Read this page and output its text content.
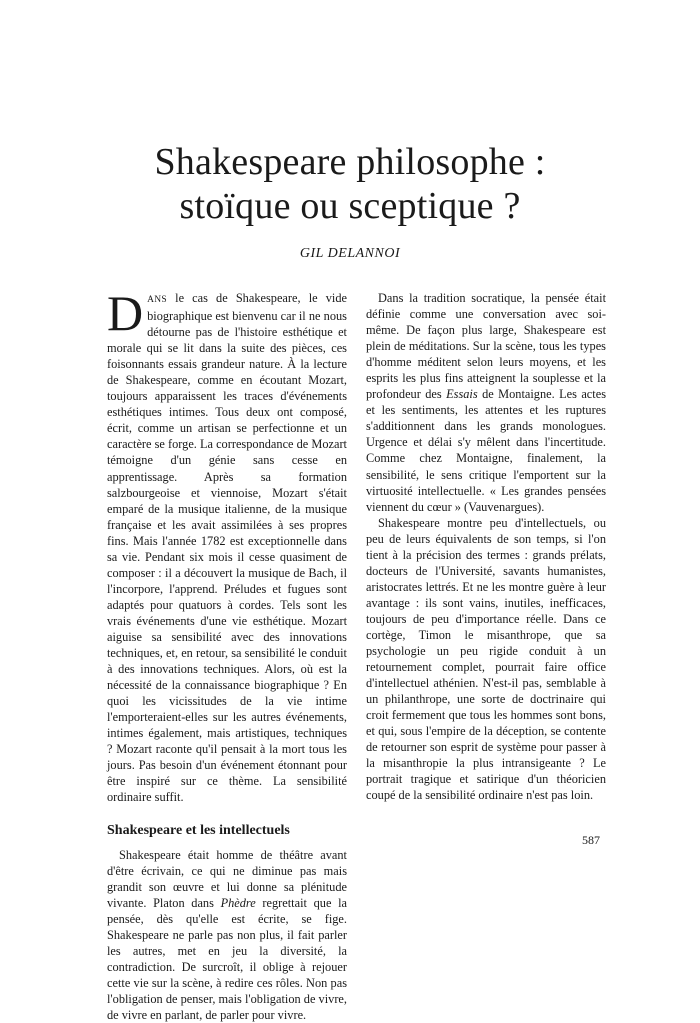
Shakespeare philosophe :
stoïque ou sceptique ?
GIL DELANNOI

DANS le cas de Shakespeare, le vide biographique est bienvenu car il ne nous détourne pas de l'histoire esthétique et morale qui se lit dans la suite des pièces, ces foisonnants essais grandeur nature. À la lecture de Shakespeare, comme en écoutant Mozart, toujours apparaissent les traces d'événements esthétiques intimes. Tous deux ont composé, écrit, comme un artisan se perfectionne et un caractère se forge. La correspondance de Mozart témoigne d'un génie sans cesse en apprentissage. Après sa formation salzbourgeoise et viennoise, Mozart s'était emparé de la musique italienne, de la musique française et les avait assimilées à ses propres fins. Mais l'année 1782 est exceptionnelle dans sa vie. Pendant six mois il cesse quasiment de composer : il a découvert la musique de Bach, il l'incorpore, l'apprend. Préludes et fugues sont adaptés pour quatuors à cordes. Tels sont les vrais événements d'une vie esthétique. Mozart aiguise sa sensibilité avec des innovations techniques, et, en retour, sa sensibilité le conduit à des innovations techniques. Alors, où est la nécessité de la connaissance biographique ? En quoi les vicissitudes de la vie intime l'emporteraient-elles sur les autres événements, intimes également, mais artistiques, techniques ? Mozart raconte qu'il pensait à la mort tous les jours. Pas besoin d'un événement étonnant pour être inspiré sur ce thème. La sensibilité ordinaire suffit.

Shakespeare et les intellectuels

Shakespeare était homme de théâtre avant d'être écrivain, ce qui ne diminue pas mais grandit son œuvre et lui donne sa plénitude vivante. Platon dans Phèdre regrettait que la pensée, dès qu'elle est écrite, se fige. Shakespeare ne parle pas non plus, il fait parler les autres, met en jeu la diversité, la contradiction. De surcroît, il oblige à rejouer cette vie sur la scène, à redire ces rôles. Non pas l'obligation de penser, mais l'obligation de vivre, de vivre en parlant, de parler pour vivre.

Dans la tradition socratique, la pensée était définie comme une conversation avec soi-même. De façon plus large, Shakespeare est plein de méditations. Sur la scène, tous les types d'homme méditent selon leurs moyens, et les esprits les plus fins atteignent la souplesse et la profondeur des Essais de Montaigne. Les actes et les sentiments, les attentes et les ruptures s'additionnent dans les grands monologues. Urgence et délai s'y mêlent dans l'incertitude. Comme chez Montaigne, finalement, la sensibilité, le sens critique l'emportent sur la virtuosité intellectuelle. « Les grandes pensées viennent du cœur » (Vauvenargues).

Shakespeare montre peu d'intellectuels, ou peu de leurs équivalents de son temps, si l'on tient à la précision des termes : grands prélats, docteurs de l'Université, savants humanistes, aristocrates lettrés. Et ne les montre guère à leur avantage : ils sont vains, inutiles, inefficaces, toujours de peu d'importance réelle. Dans ce cortège, Timon le misanthrope, que sa psychologie un peu rigide conduit à un retournement complet, pourrait faire office d'intellectuel athénien. N'est-il pas, semblable à un philanthrope, une sorte de doctrinaire qui croit fermement que tous les hommes sont bons, et qui, sous l'empire de la déception, se contente de retourner son esprit de système pour passer à la misanthropie la plus intransigeante ? Le portrait tragique et satirique d'un théoricien coupé de la sensibilité ordinaire n'est pas loin.

587
